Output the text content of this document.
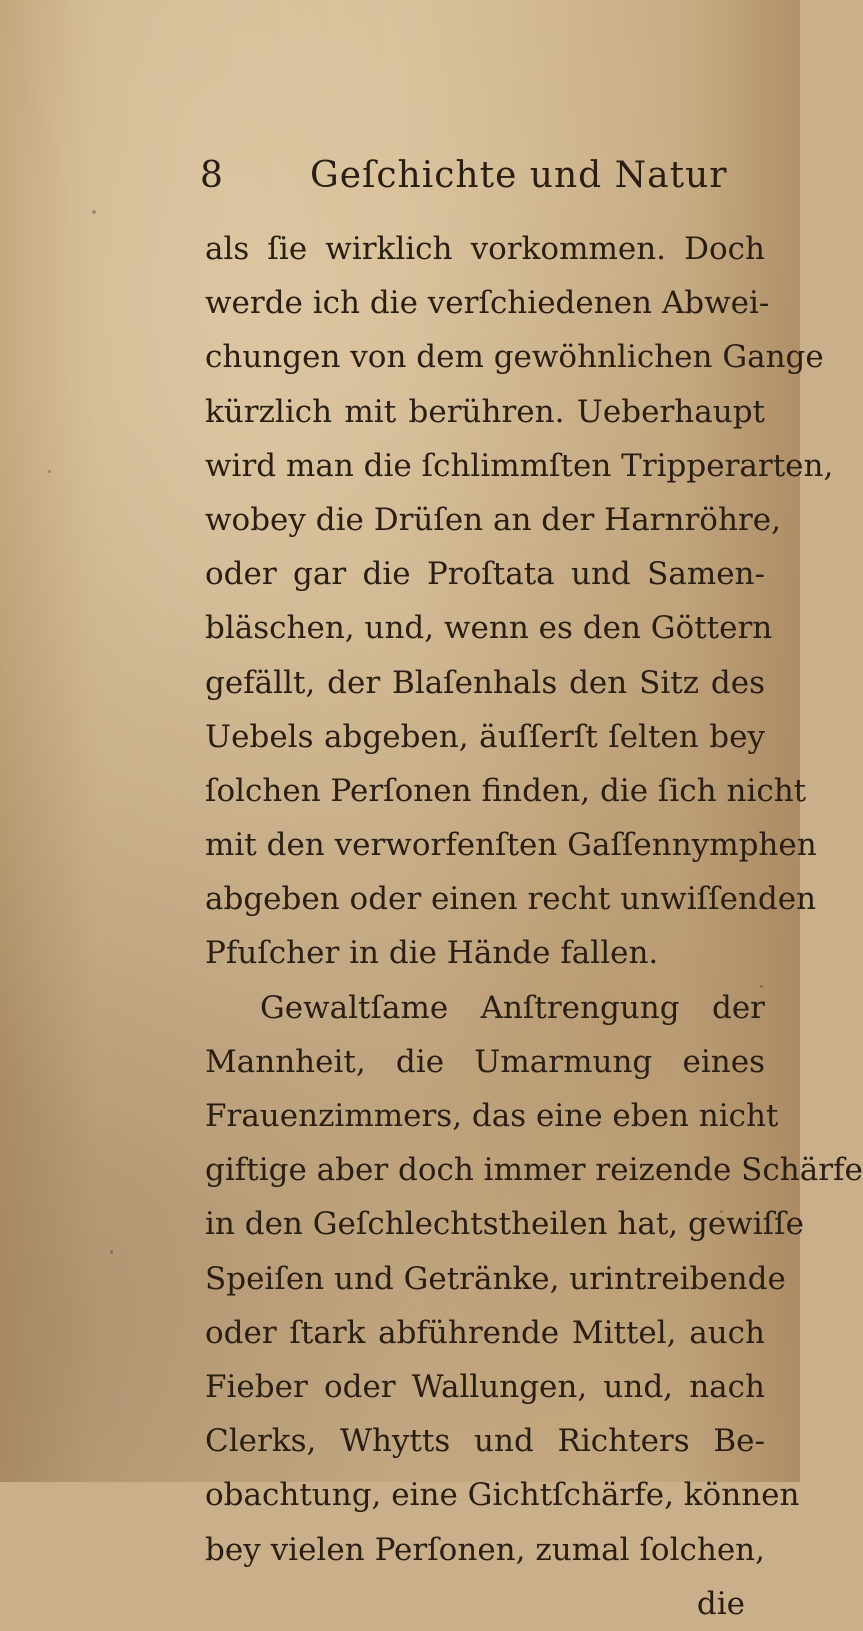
8 Geſchichte und Natur
als ſie wirklich vorkommen. Doch
werde ich die verſchiedenen Abwei-
chungen von dem gewöhnlichen Gange
kürzlich mit berühren. Ueberhaupt
wird man die ſchlimmſten Tripperarten,
wobey die Drüſen an der Harnröhre,
oder gar die Proſtata und Samen-
bläschen, und, wenn es den Göttern
gefällt, der Blaſenhals den Sitz des
Uebels abgeben, äuſſerſt ſelten bey
ſolchen Perſonen finden, die ſich nicht
mit den verworfenſten Gaſſennymphen
abgeben oder einen recht unwiſſenden
Pfuſcher in die Hände fallen.
Gewaltſame Anſtrengung der
Mannheit, die Umarmung eines
Frauenzimmers, das eine eben nicht
giftige aber doch immer reizende Schärfe
in den Geſchlechtstheilen hat, gewiſſe
Speiſen und Getränke, urintreibende
oder ſtark abführende Mittel, auch
Fieber oder Wallungen, und, nach
Clerks, Whytts und Richters Be-
obachtung, eine Gichtſchärfe, können
bey vielen Perſonen, zumal ſolchen,
die
